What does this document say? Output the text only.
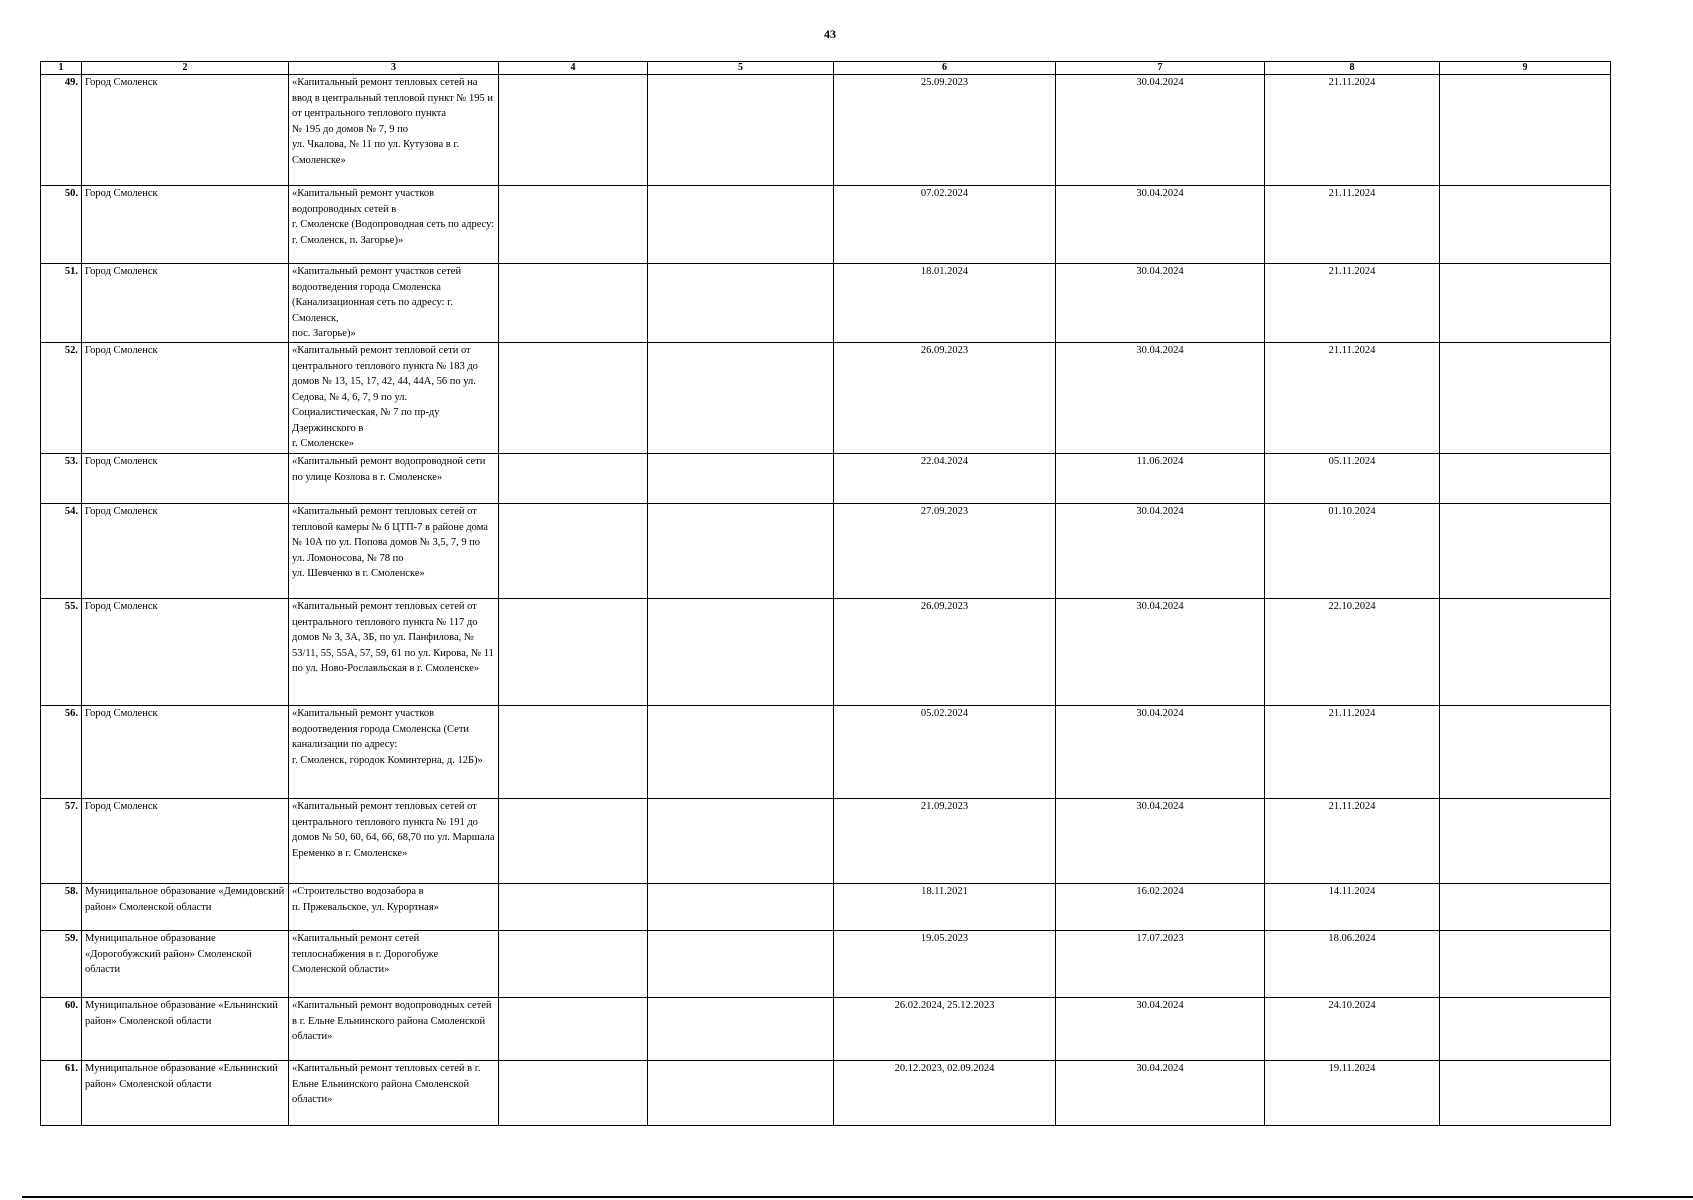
43
1	2	3	4	5	6	7	8	9
49.	Город Смоленск	«Капитальный ремонт тепловых сетей на ввод в центральный тепловой пункт № 195 и от центрального теплового пункта
№ 195 до домов № 7, 9 по
ул. Чкалова, № 11 по ул. Кутузова в г. Смоленске»			25.09.2023	30.04.2024	21.11.2024	
50.	Город Смоленск	«Капитальный ремонт участков водопроводных сетей в
г. Смоленске (Водопроводная сеть по адресу: г. Смоленск, п. Загорье)»			07.02.2024	30.04.2024	21.11.2024	
51.	Город Смоленск	«Капитальный ремонт участков сетей водоотведения города Смоленска (Канализационная сеть по адресу: г. Смоленск,
пос. Загорье)»			18.01.2024	30.04.2024	21.11.2024	
52.	Город Смоленск	«Капитальный ремонт тепловой сети от центрального теплового пункта № 183 до домов № 13, 15, 17, 42, 44, 44А, 56 по ул. Седова, № 4, 6, 7, 9 по ул. Социалистическая, № 7 по пр-ду Дзержинского в
г. Смоленске»			26.09.2023	30.04.2024	21.11.2024	
53.	Город Смоленск	«Капитальный ремонт водопроводной сети по улице Козлова в г. Смоленске»			22.04.2024	11.06.2024	05.11.2024	
54.	Город Смоленск	«Капитальный ремонт тепловых сетей от тепловой камеры № 6 ЦТП-7 в районе дома № 10А по ул. Попова домов № 3,5, 7, 9 по
ул. Ломоносова, № 78 по
ул. Шевченко в г. Смоленске»			27.09.2023	30.04.2024	01.10.2024	
55.	Город Смоленск	«Капитальный ремонт тепловых сетей от центрального теплового пункта № 117 до домов № 3, 3А, 3Б, по ул. Панфилова, № 53/11, 55, 55А, 57, 59, 61 по ул. Кирова, № 11 по ул. Ново-Рославльская в г. Смоленске»			26.09.2023	30.04.2024	22.10.2024	
56.	Город Смоленск	«Капитальный ремонт участков водоотведения города Смоленска (Сети канализации по адресу:
г. Смоленск, городок Коминтерна, д. 12Б)»			05.02.2024	30.04.2024	21.11.2024	
57.	Город Смоленск	«Капитальный ремонт тепловых сетей от центрального теплового пункта № 191 до домов № 50, 60, 64, 66, 68,70 по ул. Маршала Еременко в г. Смоленске»			21.09.2023	30.04.2024	21.11.2024	
58.	Муниципальное образование «Демидовский район» Смоленской области	«Строительство водозабора в
п. Пржевальское, ул. Курортная»			18.11.2021	16.02.2024	14.11.2024	
59.	Муниципальное образование «Дорогобужский район» Смоленской области	«Капитальный ремонт сетей теплоснабжения в г. Дорогобуже Смоленской области»			19.05.2023	17.07.2023	18.06.2024	
60.	Муниципальное образование «Ельнинский район» Смоленской области	«Капитальный ремонт водопроводных сетей в г. Ельне Ельнинского района Смоленской области»			26.02.2024, 25.12.2023	30.04.2024	24.10.2024	
61.	Муниципальное образование «Ельнинский район» Смоленской области	«Капитальный ремонт тепловых сетей в г. Ельне Ельнинского района Смоленской области»			20.12.2023, 02.09.2024	30.04.2024	19.11.2024	
